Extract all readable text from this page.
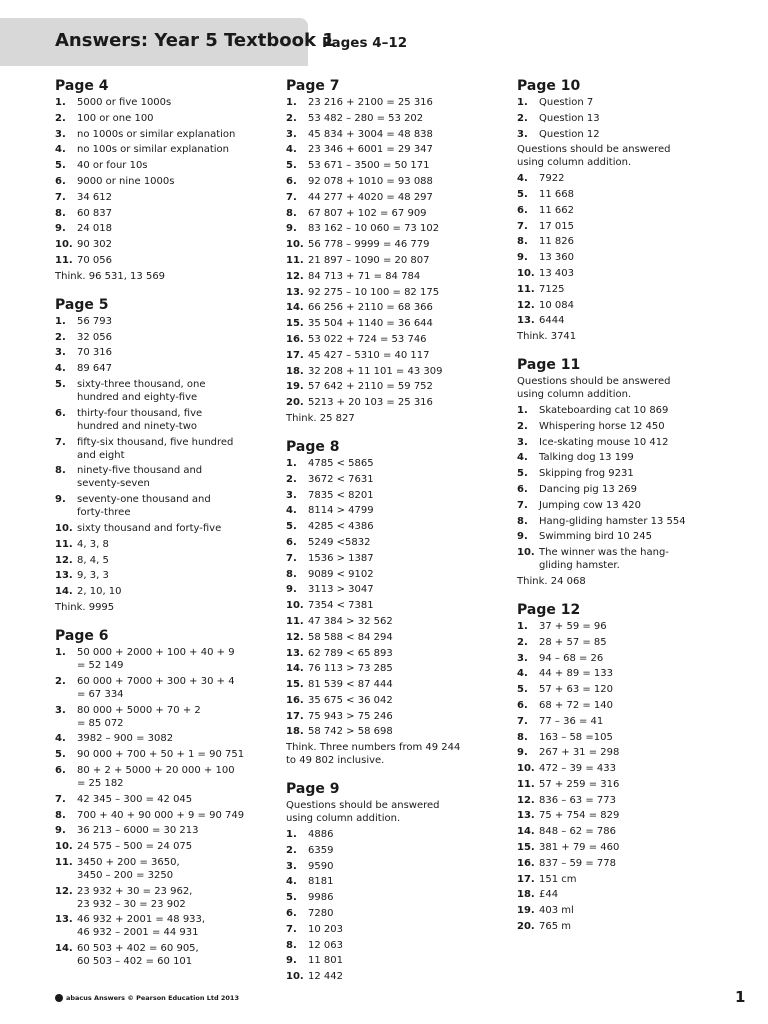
Answers: Year 5 Textbook 1
Pages 4–12
Page 4
1.	5000 or five 1000s
2.	100 or one 100
3.	no 1000s or similar explanation
4.	no 100s or similar explanation
5.	40 or four 10s
6.	9000 or nine 1000s
7.	34 612
8.	60 837
9.	24 018
10. 90 302
11. 70 056
Think. 96 531, 13 569
Page 5
1.	56 793
2.	32 056
3.	70 316
4.	89 647
5.	sixty-three thousand, one
hundred and eighty-five
6.	thirty-four thousand, five
hundred and ninety-two
7.	fifty-six thousand, five hundred
and eight
8.	ninety-five thousand and
seventy-seven
9.	seventy-one thousand and
forty-three
10. sixty thousand and forty-five
11. 4, 3, 8
12. 8, 4, 5
13. 9, 3, 3
14. 2, 10, 10
Think. 9995
Page 6
1.	50 000 + 2000 + 100 + 40 + 9
= 52 149
2.	60 000 + 7000 + 300 + 30 + 4
= 67 334
3.	80 000 + 5000 + 70 + 2
= 85 072
4.	3982 – 900 = 3082
5.	90 000 + 700 + 50 + 1 = 90 751
6.	80 + 2 + 5000 + 20 000 + 100
= 25 182
7.	42 345 – 300 = 42 045
8.	700 + 40 + 90 000 + 9 = 90 749
9.	36 213 – 6000 = 30 213
10. 24 575 – 500 = 24 075
11. 3450 + 200 = 3650,
3450 – 200 = 3250
12. 23 932 + 30 = 23 962,
23 932 – 30 = 23 902
13. 46 932 + 2001 = 48 933,
46 932 – 2001 = 44 931
14. 60 503 + 402 = 60 905,
60 503 – 402 = 60 101
Page 7
1.	23 216 + 2100 = 25 316
2.	53 482 – 280 = 53 202
3.	45 834 + 3004 = 48 838
4.	23 346 + 6001 = 29 347
5.	53 671 – 3500 = 50 171
6.	92 078 + 1010 = 93 088
7.	44 277 + 4020 = 48 297
8.	67 807 + 102 = 67 909
9.	83 162 – 10 060 = 73 102
10. 56 778 – 9999 = 46 779
11. 21 897 – 1090 = 20 807
12. 84 713 + 71 = 84 784
13. 92 275 – 10 100 = 82 175
14. 66 256 + 2110 = 68 366
15. 35 504 + 1140 = 36 644
16. 53 022 + 724 = 53 746
17. 45 427 – 5310 = 40 117
18. 32 208 + 11 101 = 43 309
19. 57 642 + 2110 = 59 752
20. 5213 + 20 103 = 25 316
Think. 25 827
Page 8
1.	4785 < 5865
2.	3672 < 7631
3.	7835 < 8201
4.	8114 > 4799
5.	4285 < 4386
6.	5249 <5832
7.	1536 > 1387
8.	9089 < 9102
9.	3113 > 3047
10. 7354 < 7381
11. 47 384 > 32 562
12. 58 588 < 84 294
13. 62 789 < 65 893
14. 76 113 > 73 285
15. 81 539 < 87 444
16. 35 675 < 36 042
17. 75 943 > 75 246
18. 58 742 > 58 698
Think. Three numbers from 49 244
to 49 802 inclusive.
Page 9
Questions should be answered
using column addition.
1.	4886
2.	6359
3.	9590
4.	8181
5.	9986
6.	7280
7.	10 203
8.	12 063
9.	11 801
10. 12 442
Page 10
1.	Question 7
2.	Question 13
3.	Question 12
Questions should be answered
using column addition.
4.	7922
5.	11 668
6.	11 662
7.	17 015
8.	11 826
9.	13 360
10. 13 403
11. 7125
12. 10 084
13. 6444
Think. 3741
Page 11
Questions should be answered
using column addition.
1.	Skateboarding cat 10 869
2.	Whispering horse 12 450
3.	Ice-skating mouse 10 412
4.	Talking dog 13 199
5.	Skipping frog 9231
6.	Dancing pig 13 269
7.	Jumping cow 13 420
8.	Hang-gliding hamster 13 554
9.	Swimming bird 10 245
10. The winner was the hang-
gliding hamster.
Think. 24 068
Page 12
1.	37 + 59 = 96
2.	28 + 57 = 85
3.	94 – 68 = 26
4.	44 + 89 = 133
5.	57 + 63 = 120
6.	68 + 72 = 140
7.	77 – 36 = 41
8.	163 – 58 =105
9.	267 + 31 = 298
10. 472 – 39 = 433
11. 57 + 259 = 316
12. 836 – 63 = 773
13. 75 + 754 = 829
14. 848 – 62 = 786
15. 381 + 79 = 460
16. 837 – 59 = 778
17. 151 cm
18. £44
19. 403 ml
20. 765 m
abacus Answers © Pearson Education Ltd 2013	1
